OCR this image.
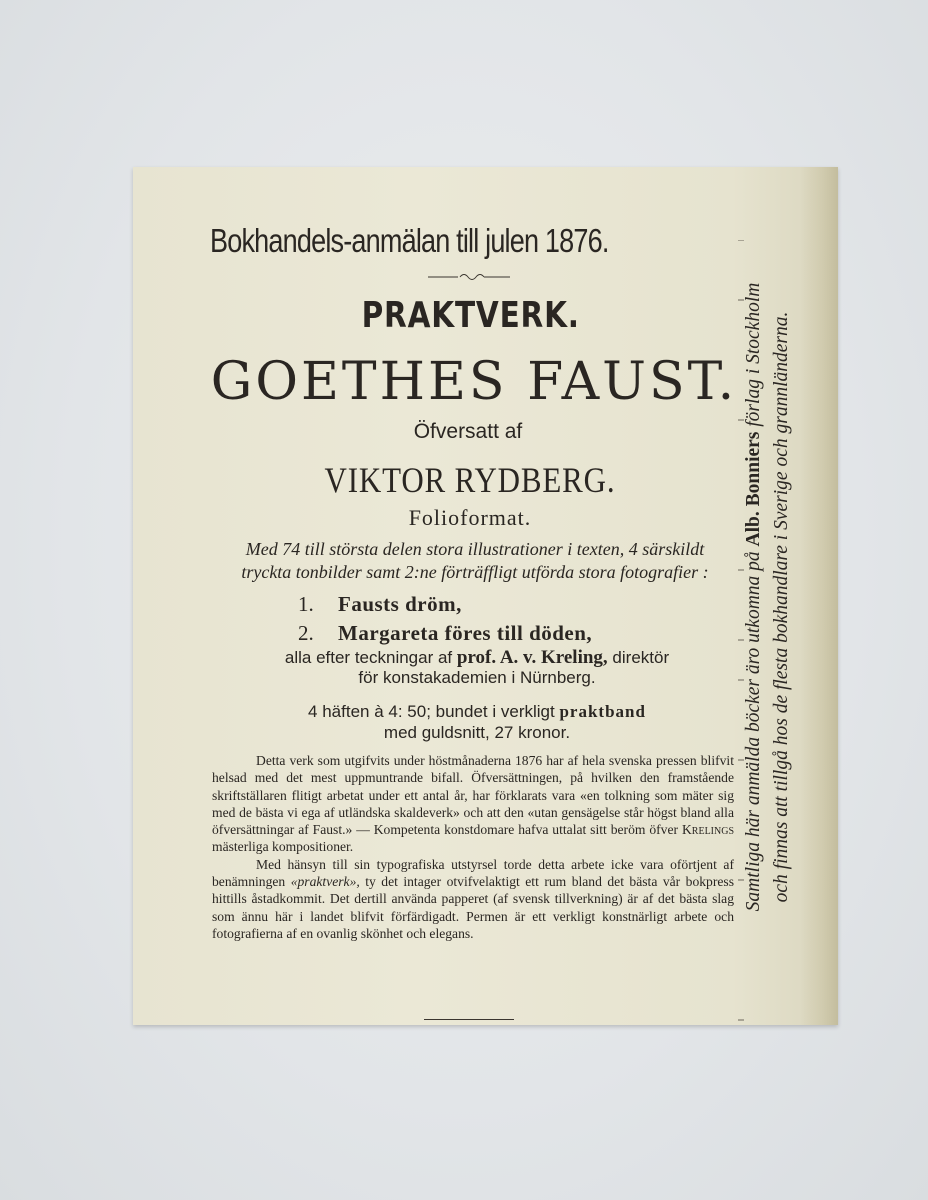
Bokhandels-anmälan till julen 1876.
PRAKTVERK.
GOETHES FAUST.
Öfversatt af
VIKTOR RYDBERG.
Folioformat.
Med 74 till största delen stora illustrationer i texten, 4 särskildt
tryckta tonbilder samt 2:ne förträffligt utförda stora fotografier :
1. Fausts dröm,
2. Margareta föres till döden,
alla efter teckningar af prof. A. v. Kreling, direktör
för konstakademien i Nürnberg.
4 häften à 4: 50; bundet i verkligt praktband
med guldsnitt, 27 kronor.

Detta verk som utgifvits under höstmånaderna 1876 har af hela svenska pressen blifvit helsad med det mest uppmuntrande bifall. Öfversättningen, på hvilken den framstående skriftställaren flitigt arbetat under ett antal år, har förklarats vara «en tolkning som mäter sig med de bästa vi ega af utländska skaldeverk» och att den «utan gensägelse står högst bland alla öfversättningar af Faust.» — Kompetenta konstdomare hafva uttalat sitt beröm öfver Krelings mästerliga kompositioner.

Med hänsyn till sin typografiska utstyrsel torde detta arbete icke vara oförtjent af benämningen «praktverk», ty det intager otvifvelaktigt ett rum bland det bästa vår bokpress hittills åstadkommit. Det dertill använda papperet (af svensk tillverkning) är af det bästa slag som ännu här i landet blifvit förfärdigadt. Permen är ett verkligt konstnärligt arbete och fotografierna af en ovanlig skönhet och elegans.

Samtliga här anmälda böcker äro utkomna på Alb. Bonniers förlag i Stockholm och finnas att tillgå hos de flesta bokhandlare i Sverige och grannländerna.
